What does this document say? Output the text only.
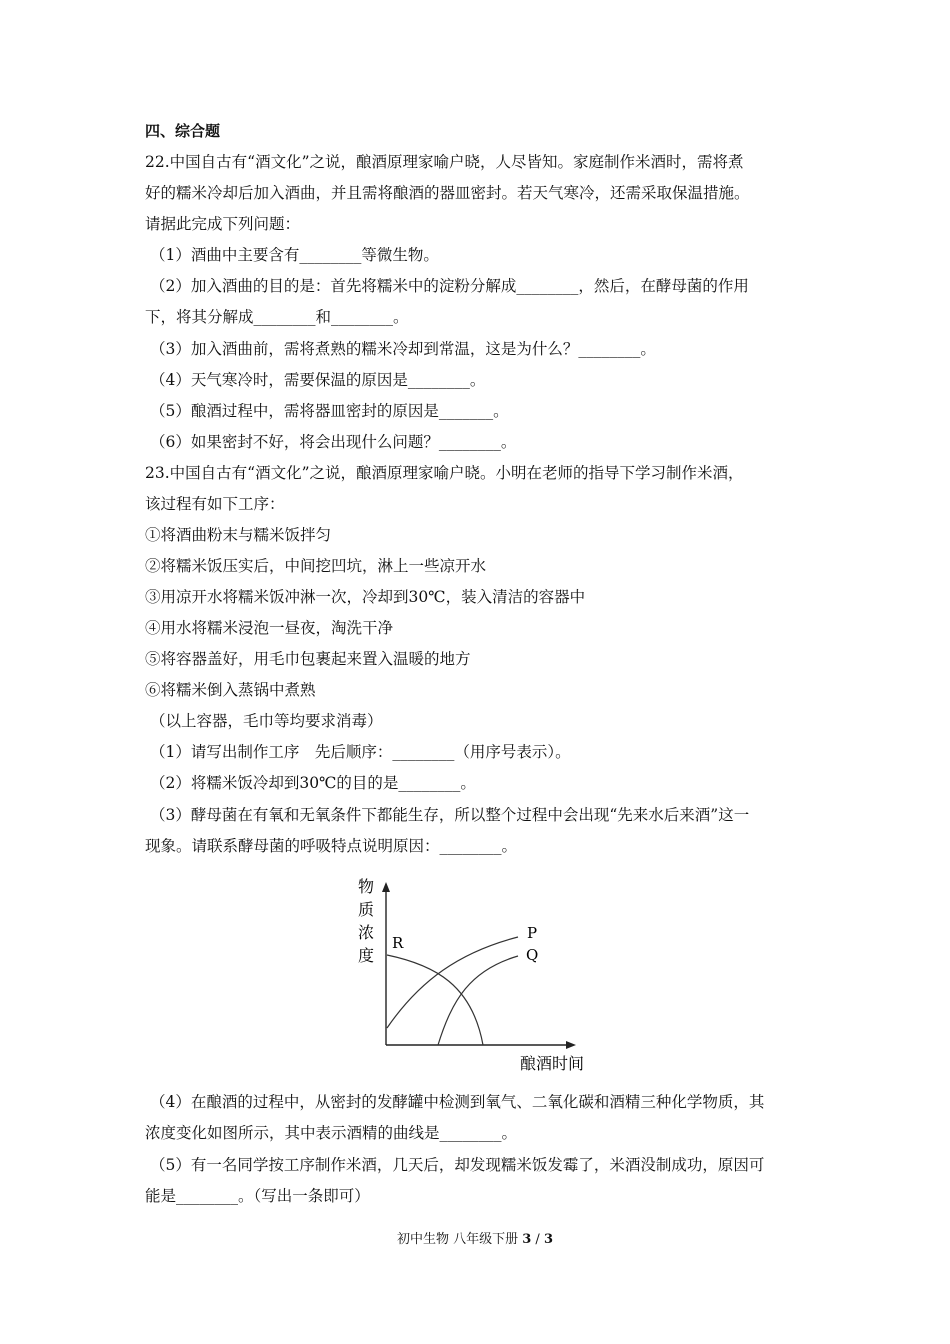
四、综合题
22.中国自古有“酒文化”之说，酿酒原理家喻户晓，人尽皆知。家庭制作米酒时，需将煮
好的糯米冷却后加入酒曲，并且需将酿酒的器皿密封。若天气寒冷，还需采取保温措施。
请据此完成下列问题：
（1）酒曲中主要含有________等微生物。
（2）加入酒曲的目的是：首先将糯米中的淀粉分解成________，然后，在酵母菌的作用
下，将其分解成________和________。
（3）加入酒曲前，需将煮熟的糯米冷却到常温，这是为什么？________。
（4）天气寒冷时，需要保温的原因是________。
（5）酿酒过程中，需将器皿密封的原因是_______。
（6）如果密封不好，将会出现什么问题？________。
23.中国自古有“酒文化”之说，酿酒原理家喻户晓。小明在老师的指导下学习制作米酒，
该过程有如下工序：
①将酒曲粉末与糯米饭拌匀
②将糯米饭压实后，中间挖凹坑，淋上一些凉开水
③用凉开水将糯米饭冲淋一次，冷却到30℃，装入清洁的容器中
④用水将糯米浸泡一昼夜，淘洗干净
⑤将容器盖好，用毛巾包裹起来置入温暖的地方
⑥将糯米倒入蒸锅中煮熟
（以上容器，毛巾等均要求消毒）
（1）请写出制作工序　先后顺序：________（用序号表示）。
（2）将糯米饭冷却到30℃的目的是________。
（3）酵母菌在有氧和无氧条件下都能生存，所以整个过程中会出现“先来水后来酒”这一
现象。请联系酵母菌的呼吸特点说明原因：________。
物
质
浓
度
酿酒时间
P
Q
R
（4）在酿酒的过程中，从密封的发酵罐中检测到氧气、二氧化碳和酒精三种化学物质，其
浓度变化如图所示，其中表示酒精的曲线是________。
（5）有一名同学按工序制作米酒，几天后，却发现糯米饭发霉了，米酒没制成功，原因可
能是________。（写出一条即可）
初中生物 八年级下册 3 / 3
